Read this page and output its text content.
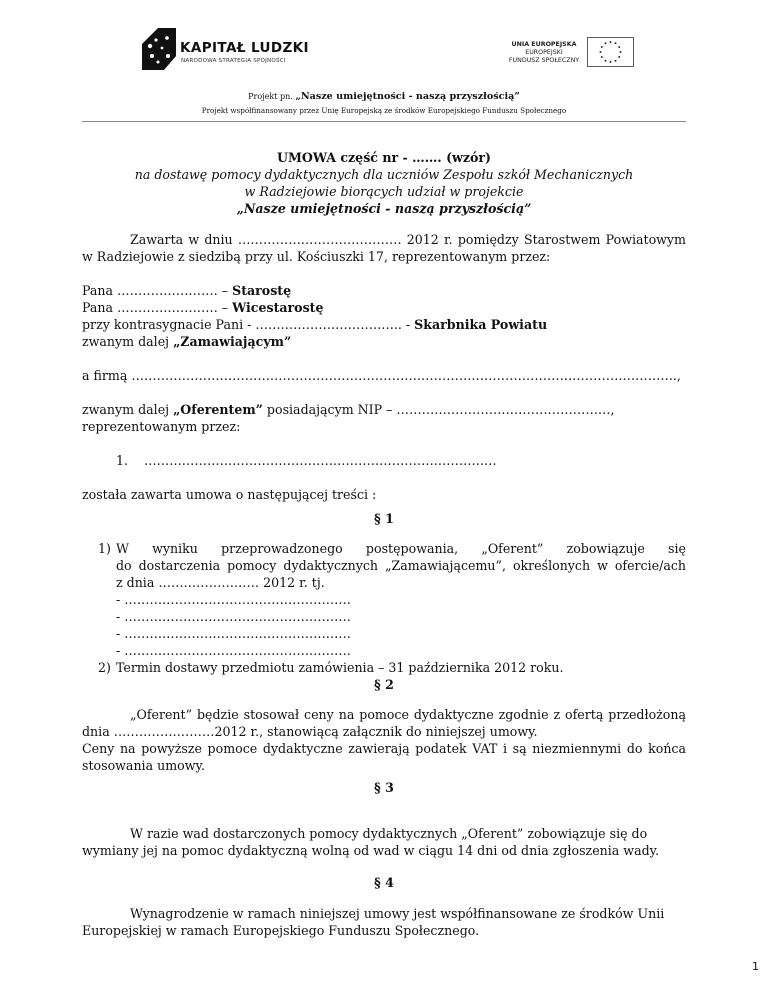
KAPITAŁ LUDZKI
NARODOWA STRATEGIA SPÓJNOŚCI
UNIA EUROPEJSKA
EUROPEJSKI
FUNDUSZ SPOŁECZNY
Projekt pn. „Nasze umiejętności - naszą przyszłością”
Projekt współfinansowany przez Unię Europejską ze środków Europejskiego Funduszu Społecznego
UMOWA część nr - ……. (wzór)
na dostawę pomocy dydaktycznych dla uczniów Zespołu szkół Mechanicznych
w Radziejowie biorących udział w projekcie
„Nasze umiejętności - naszą przyszłością”
Zawarta w dniu ………………………………… 2012 r. pomiędzy Starostwem Powiatowym
w Radziejowie z siedzibą przy ul. Kościuszki 17, reprezentowanym przez:
Pana …………………… – Starostę
Pana …………………… – Wicestarostę
przy kontrasygnacie Pani - …………………………….. - Skarbnika Powiatu
zwanym dalej „Zamawiającym”
a firmą ………………………………………………………………………………………………………………….,
zwanym dalej „Oferentem” posiadającym NIP – ……………………………………………,
reprezentowanym przez:
1. …………………………………………………………………………
została zawarta umowa o następującej treści :
§ 1
1) W wyniku przeprowadzonego postępowania, „Oferent” zobowiązuje się
do dostarczenia pomocy dydaktycznych „Zamawiającemu”, określonych w ofercie/ach
z dnia …………………… 2012 r. tj.
- ………………………………………………
- ………………………………………………
- ………………………………………………
- ………………………………………………
2) Termin dostawy przedmiotu zamówienia – 31 października 2012 roku.
§ 2
„Oferent” będzie stosował ceny na pomoce dydaktyczne zgodnie z ofertą przedłożoną
dnia ……………………2012 r., stanowiącą załącznik do niniejszej umowy.
Ceny na powyższe pomoce dydaktyczne zawierają podatek VAT i są niezmiennymi do końca
stosowania umowy.
§ 3
W razie wad dostarczonych pomocy dydaktycznych „Oferent” zobowiązuje się do
wymiany jej na pomoc dydaktyczną wolną od wad w ciągu 14 dni od dnia zgłoszenia wady.
§ 4
Wynagrodzenie w ramach niniejszej umowy jest współfinansowane ze środków Unii
Europejskiej w ramach Europejskiego Funduszu Społecznego.
1
